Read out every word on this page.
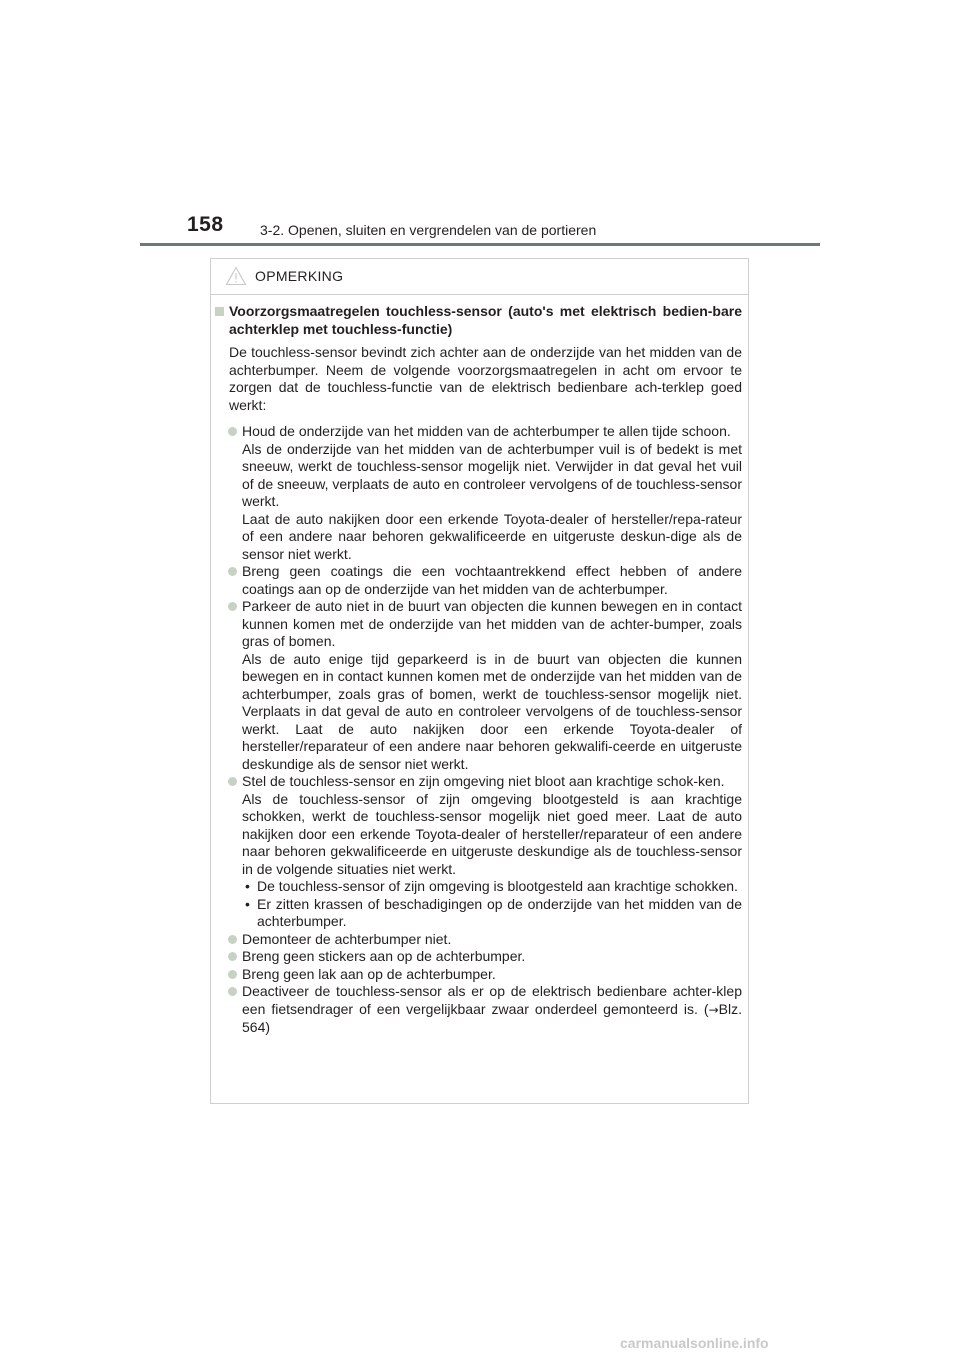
158	3-2. Openen, sluiten en vergrendelen van de portieren
OPMERKING
Voorzorgsmaatregelen touchless-sensor (auto's met elektrisch bedien-bare achterklep met touchless-functie)
De touchless-sensor bevindt zich achter aan de onderzijde van het midden van de achterbumper. Neem de volgende voorzorgsmaatregelen in acht om ervoor te zorgen dat de touchless-functie van de elektrisch bedienbare ach-terklep goed werkt:
Houd de onderzijde van het midden van de achterbumper te allen tijde schoon.
Als de onderzijde van het midden van de achterbumper vuil is of bedekt is met sneeuw, werkt de touchless-sensor mogelijk niet. Verwijder in dat geval het vuil of de sneeuw, verplaats de auto en controleer vervolgens of de touchless-sensor werkt.
Laat de auto nakijken door een erkende Toyota-dealer of hersteller/repa-rateur of een andere naar behoren gekwalificeerde en uitgeruste deskun-dige als de sensor niet werkt.
Breng geen coatings die een vochtaantrekkend effect hebben of andere coatings aan op de onderzijde van het midden van de achterbumper.
Parkeer de auto niet in de buurt van objecten die kunnen bewegen en in contact kunnen komen met de onderzijde van het midden van de achter-bumper, zoals gras of bomen.
Als de auto enige tijd geparkeerd is in de buurt van objecten die kunnen bewegen en in contact kunnen komen met de onderzijde van het midden van de achterbumper, zoals gras of bomen, werkt de touchless-sensor mogelijk niet. Verplaats in dat geval de auto en controleer vervolgens of de touchless-sensor werkt. Laat de auto nakijken door een erkende Toyota-dealer of hersteller/reparateur of een andere naar behoren gekwalifi-ceerde en uitgeruste deskundige als de sensor niet werkt.
Stel de touchless-sensor en zijn omgeving niet bloot aan krachtige schok-ken.
Als de touchless-sensor of zijn omgeving blootgesteld is aan krachtige schokken, werkt de touchless-sensor mogelijk niet goed meer. Laat de auto nakijken door een erkende Toyota-dealer of hersteller/reparateur of een andere naar behoren gekwalificeerde en uitgeruste deskundige als de touchless-sensor in de volgende situaties niet werkt.
• De touchless-sensor of zijn omgeving is blootgesteld aan krachtige schokken.
• Er zitten krassen of beschadigingen op de onderzijde van het midden van de achterbumper.
Demonteer de achterbumper niet.
Breng geen stickers aan op de achterbumper.
Breng geen lak aan op de achterbumper.
Deactiveer de touchless-sensor als er op de elektrisch bedienbare achter-klep een fietsendrager of een vergelijkbaar zwaar onderdeel gemonteerd is. (→Blz. 564)
carmanualsonline.info
